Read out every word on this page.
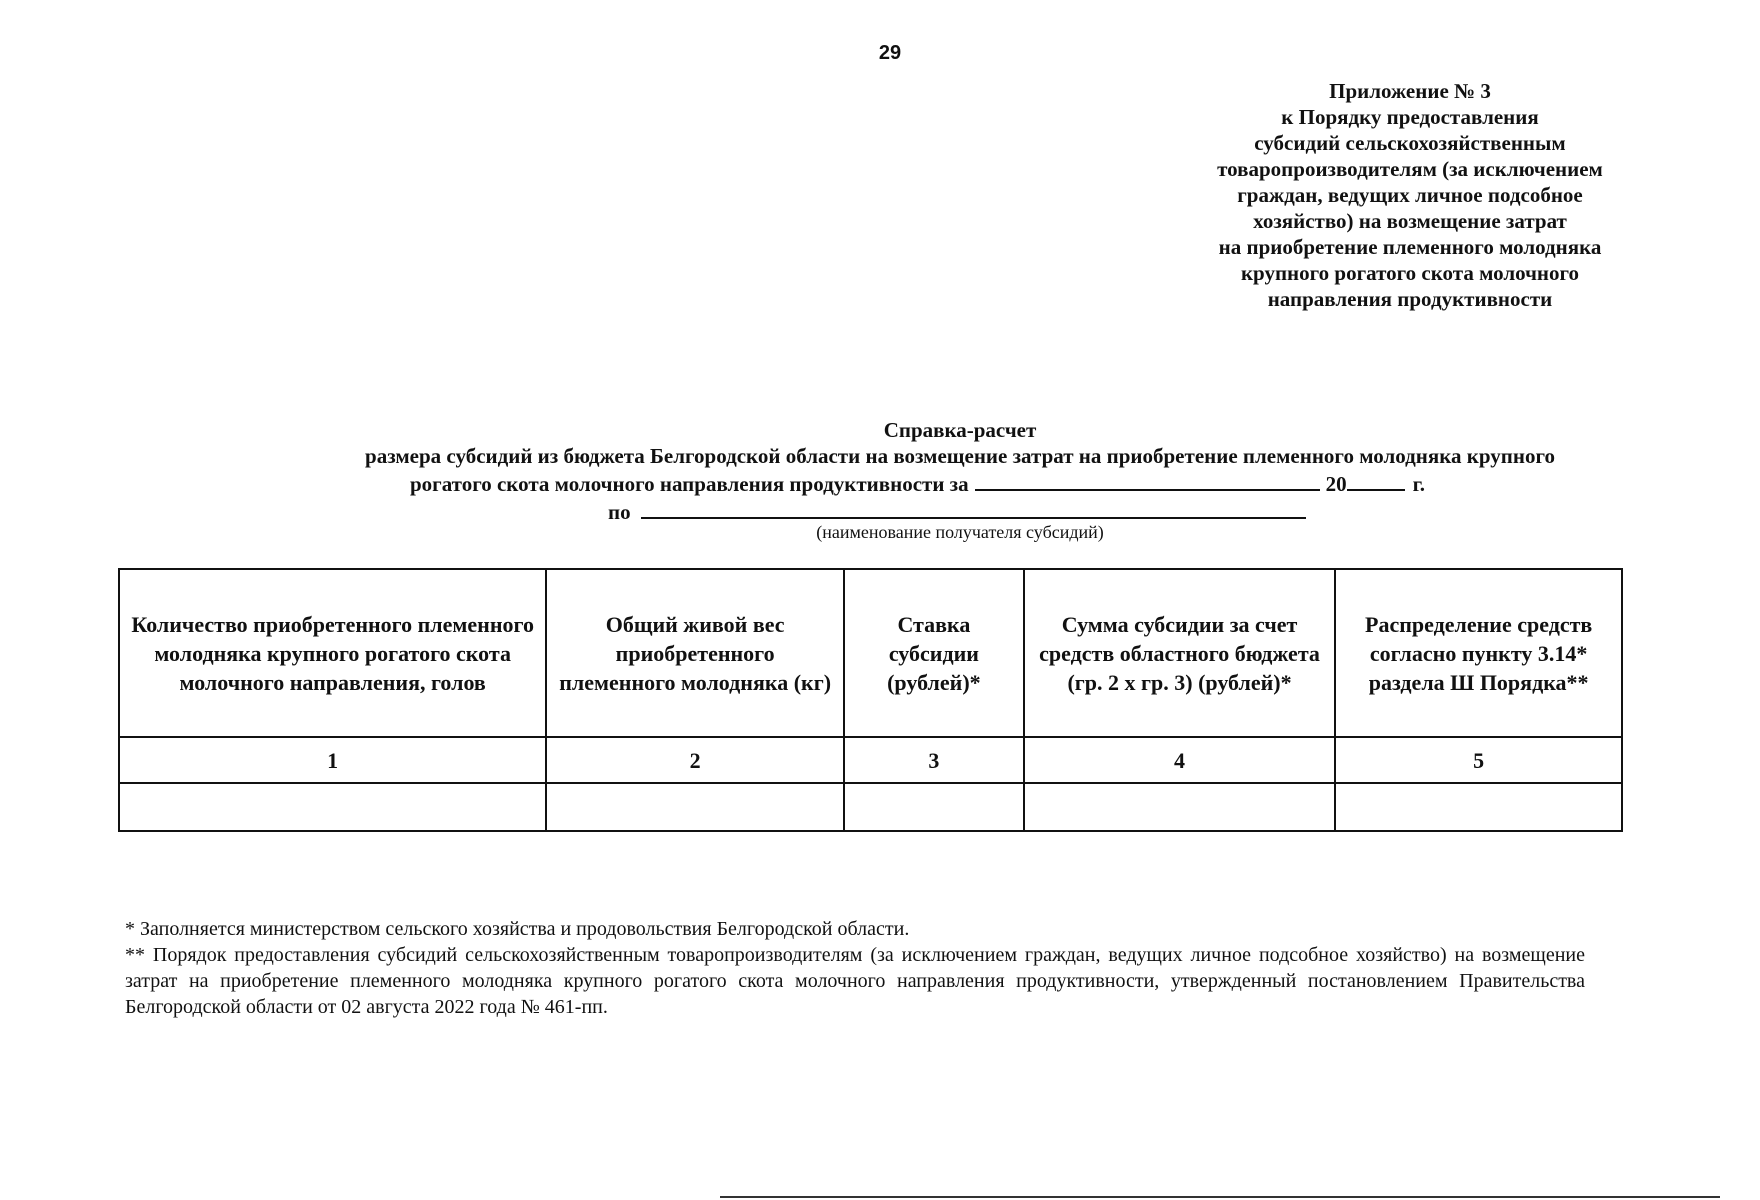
29
Приложение № 3
к Порядку предоставления
субсидий сельскохозяйственным
товаропроизводителям (за исключением
граждан, ведущих личное подсобное
хозяйство) на возмещение затрат
на приобретение племенного молодняка
крупного рогатого скота молочного
направления продуктивности
Справка-расчет
размера субсидий из бюджета Белгородской области на возмещение затрат на приобретение племенного молодняка крупного
рогатого скота молочного направления продуктивности за	20	г.
по
(наименование получателя субсидий)
Количество приобретенного племенного молодняка крупного рогатого скота молочного направления, голов	Общий живой вес приобретенного племенного молодняка (кг)	Ставка субсидии (рублей)*	Сумма субсидии за счет средств областного бюджета (гр. 2 х гр. 3) (рублей)*	Распределение средств согласно пункту 3.14* раздела Ш Порядка**
1	2	3	4	5

* Заполняется министерством сельского хозяйства и продовольствия Белгородской области.

** Порядок предоставления субсидий сельскохозяйственным товаропроизводителям (за исключением граждан, ведущих личное подсобное хозяйство) на возмещение затрат на приобретение племенного молодняка крупного рогатого скота молочного направления продуктивности, утвержденный постановлением Правительства Белгородской области от 02 августа 2022 года № 461-пп.
